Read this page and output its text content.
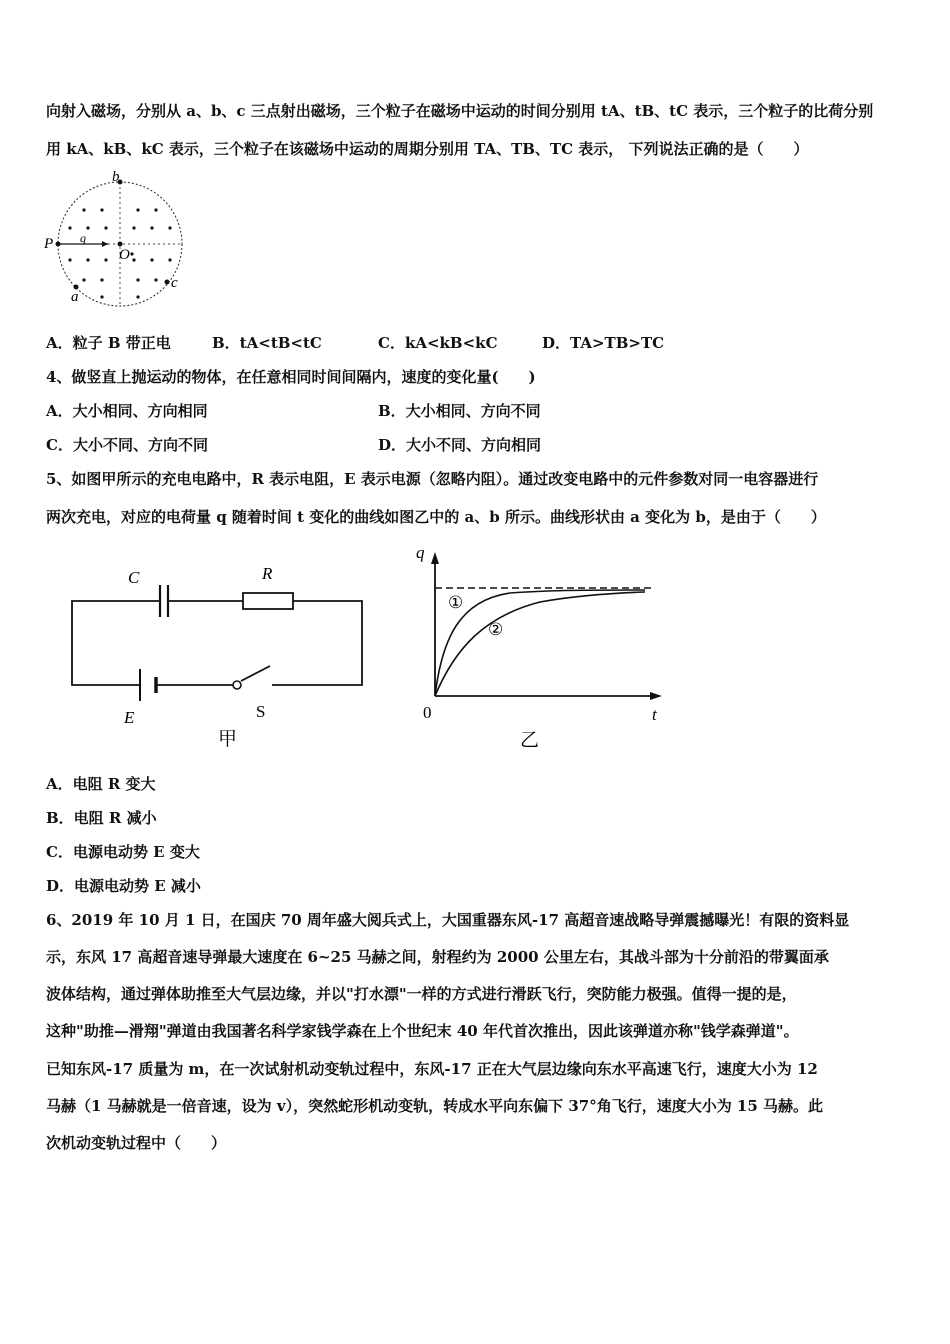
向射入磁场，分别从 a、b、c 三点射出磁场，三个粒子在磁场中运动的时间分别用 tA、tB、tC 表示，三个粒子的比荷分别
用 kA、kB、kC 表示，三个粒子在该磁场中运动的周期分别用 TA、TB、TC 表示， 下列说法正确的是（　　）
b
P q
O
a
c
A．粒子 B 带正电	B．tA<tB<tC	C．kA<kB<kC	D．TA>TB>TC
4、做竖直上抛运动的物体，在任意相同时间间隔内，速度的变化量(　　)
A．大小相同、方向相同	B．大小相同、方向不同
C．大小不同、方向不同	D．大小不同、方向相同
5、如图甲所示的充电电路中，R 表示电阻，E 表示电源（忽略内阻）。通过改变电路中的元件参数对同一电容器进行
两次充电，对应的电荷量 q 随着时间 t 变化的曲线如图乙中的 a、b 所示。曲线形状由 a 变化为 b，是由于（　　）
C	R
E	S
甲
q
t
0
①
②
乙
A．电阻 R 变大
B．电阻 R 减小
C．电源电动势 E 变大
D．电源电动势 E 减小
6、2019 年 10 月 1 日，在国庆 70 周年盛大阅兵式上，大国重器东风-17 高超音速战略导弹震撼曝光！有限的资料显
示，东风 17 高超音速导弹最大速度在 6~25 马赫之间，射程约为 2000 公里左右，其战斗部为十分前沿的带翼面承
波体结构，通过弹体助推至大气层边缘，并以"打水漂"一样的方式进行滑跃飞行，突防能力极强。值得一提的是，
这种"助推—滑翔"弹道由我国著名科学家钱学森在上个世纪末 40 年代首次推出，因此该弹道亦称"钱学森弹道"。
已知东风-17 质量为 m，在一次试射机动变轨过程中，东风-17 正在大气层边缘向东水平高速飞行，速度大小为 12
马赫（1 马赫就是一倍音速，设为 v），突然蛇形机动变轨，转成水平向东偏下 37°角飞行，速度大小为 15 马赫。此
次机动变轨过程中（　　）
